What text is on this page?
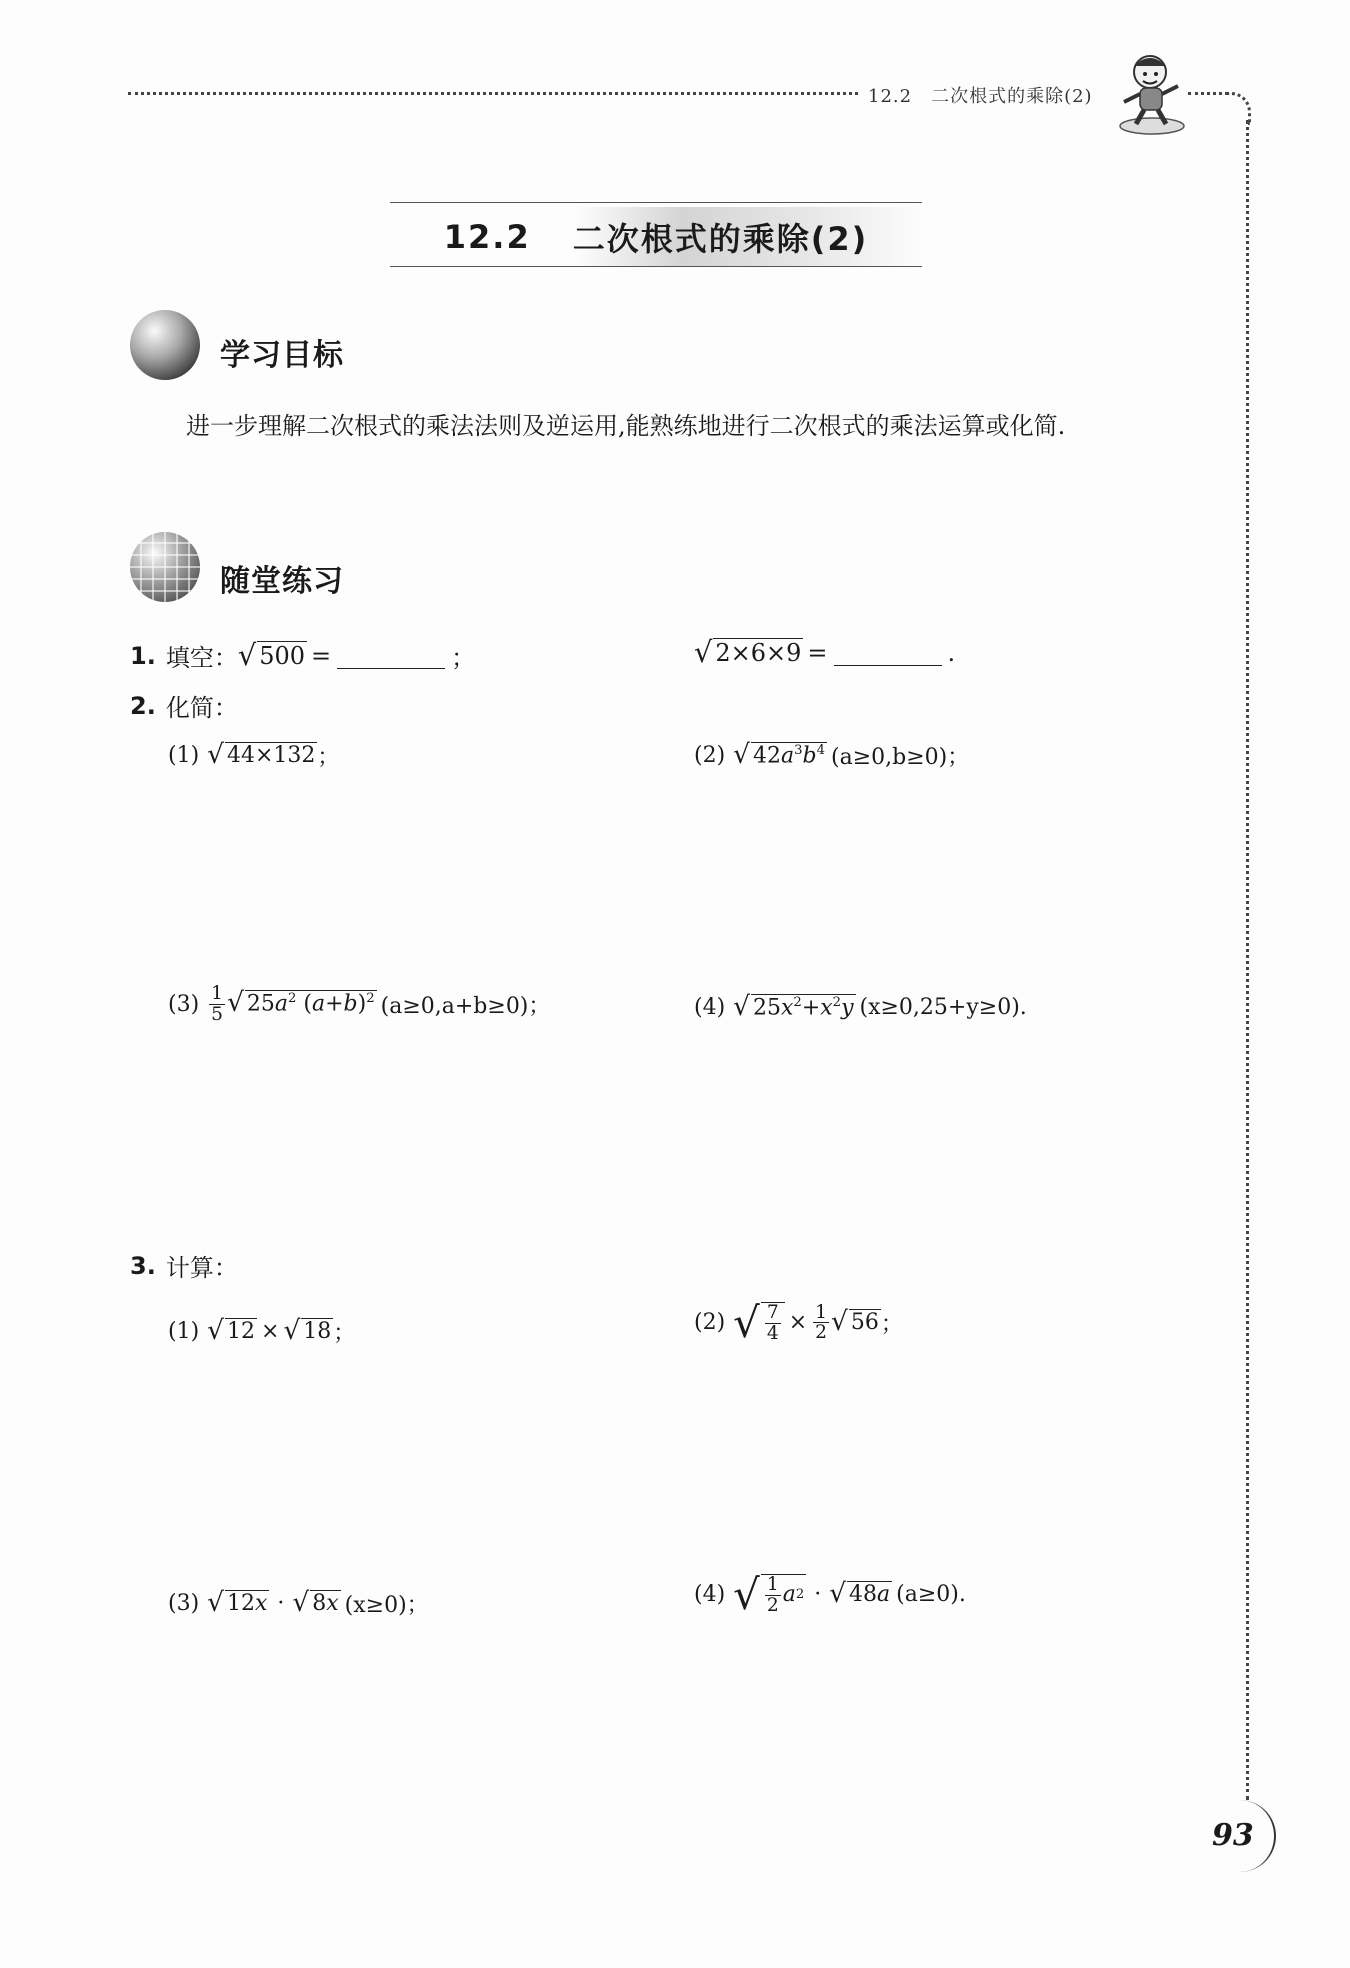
12.2　二次根式的乘除(2)
12.2 二次根式的乘除(2)
学习目标
进一步理解二次根式的乘法法则及逆运用,能熟练地进行二次根式的乘法运算或化简.
随堂练习
1. 填空： √ 500 =	；	√ 2×6×9 =	.
2. 化简：
(1) √ 44×132 ；	(2) √ $42a^3b^4$ (a≥0,b≥0)；
$(3) \frac{1}{5}$ √ $25a^2$ $(a+b)^2$ (a≥0,a+b≥0)；	(4) √ $25x^2+x^2y$ (x≥0,25+y≥0).
3. 计算：
(1) √ 12 × √ 18 ；	(2) √ $\frac{7}{4} \times \frac{1}{2}$ √ 56 ；
(3) √ 12x · √ 8x (x≥0)；	(4) √ $\frac{1}{2}$ a 2 · √ 48a (a≥0).
93
